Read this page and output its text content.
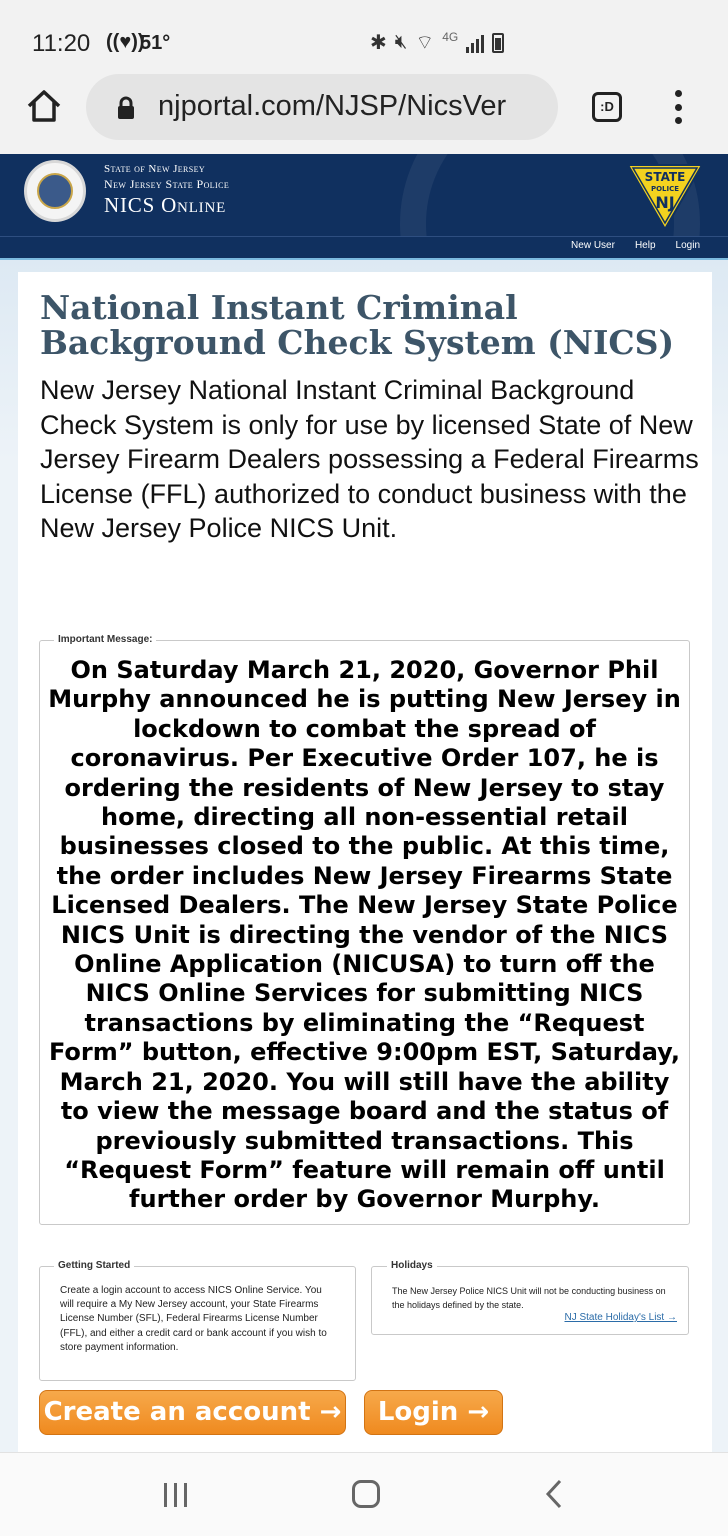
11:20 ((♥))
51°	✱ 🔇︎ ⌔ 4G
njportal.com/NJSP/NicsVer	:D
State of New Jersey
New Jersey State Police
NICS Online
STATE
POLICE
NJ
New User Help Login
National Instant Criminal Background Check System (NICS)

New Jersey National Instant Criminal Background Check System is only for use by licensed State of New Jersey Firearm Dealers possessing a Federal Firearms License (FFL) authorized to conduct business with the New Jersey Police NICS Unit.

Important Message:
On Saturday March 21, 2020, Governor Phil Murphy announced he is putting New Jersey in lockdown to combat the spread of coronavirus. Per Executive Order 107, he is ordering the residents of New Jersey to stay home, directing all non-essential retail businesses closed to the public. At this time, the order includes New Jersey Firearms State Licensed Dealers. The New Jersey State Police NICS Unit is directing the vendor of the NICS Online Application (NICUSA) to turn off the NICS Online Services for submitting NICS transactions by eliminating the “Request Form” button, effective 9:00pm EST, Saturday, March 21, 2020. You will still have the ability to view the message board and the status of previously submitted transactions. This “Request Form” feature will remain off until further order by Governor Murphy.
Getting Started
Create a login account to access NICS Online Service. You will require a My New Jersey account, your State Firearms License Number (SFL), Federal Firearms License Number (FFL), and either a credit card or bank account if you wish to store payment information.
Holidays
The New Jersey Police NICS Unit will not be conducting business on the holidays defined by the state.
NJ State Holiday's List →
Create an account →	Login →
